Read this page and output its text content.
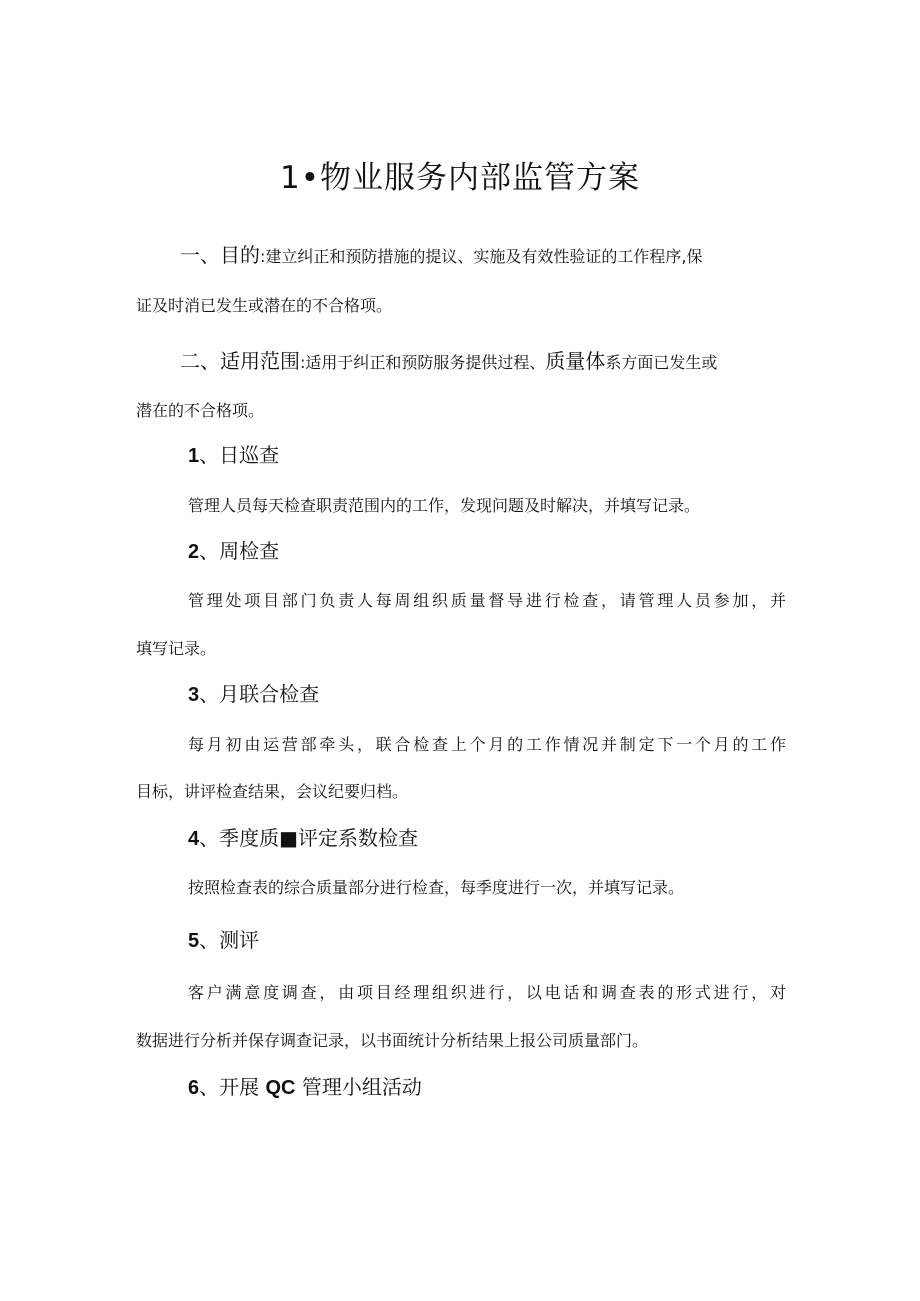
1•物业服务内部监管方案
一、目的:建立纠正和预防措施的提议、实施及有效性验证的工作程序,保
证及时消已发生或潜在的不合格项。
二、适用范围:适用于纠正和预防服务提供过程、质量体系方面已发生或
潜在的不合格项。
1、日巡查
管理人员每天检查职责范围内的工作，发现问题及时解决，并填写记录。
2、周检查
管理处项目部门负责人每周组织质量督导进行检查，请管理人员参加，并
填写记录。
3、月联合检查
每月初由运营部牵头，联合检查上个月的工作情况并制定下一个月的工作
目标，讲评检查结果，会议纪要归档。
4、季度质■评定系数检查
按照检查表的综合质量部分进行检查，每季度进行一次，并填写记录。
5、测评
客户满意度调查，由项目经理组织进行，以电话和调查表的形式进行，对
数据进行分析并保存调查记录，以书面统计分析结果上报公司质量部门。
6、开展 QC 管理小组活动
